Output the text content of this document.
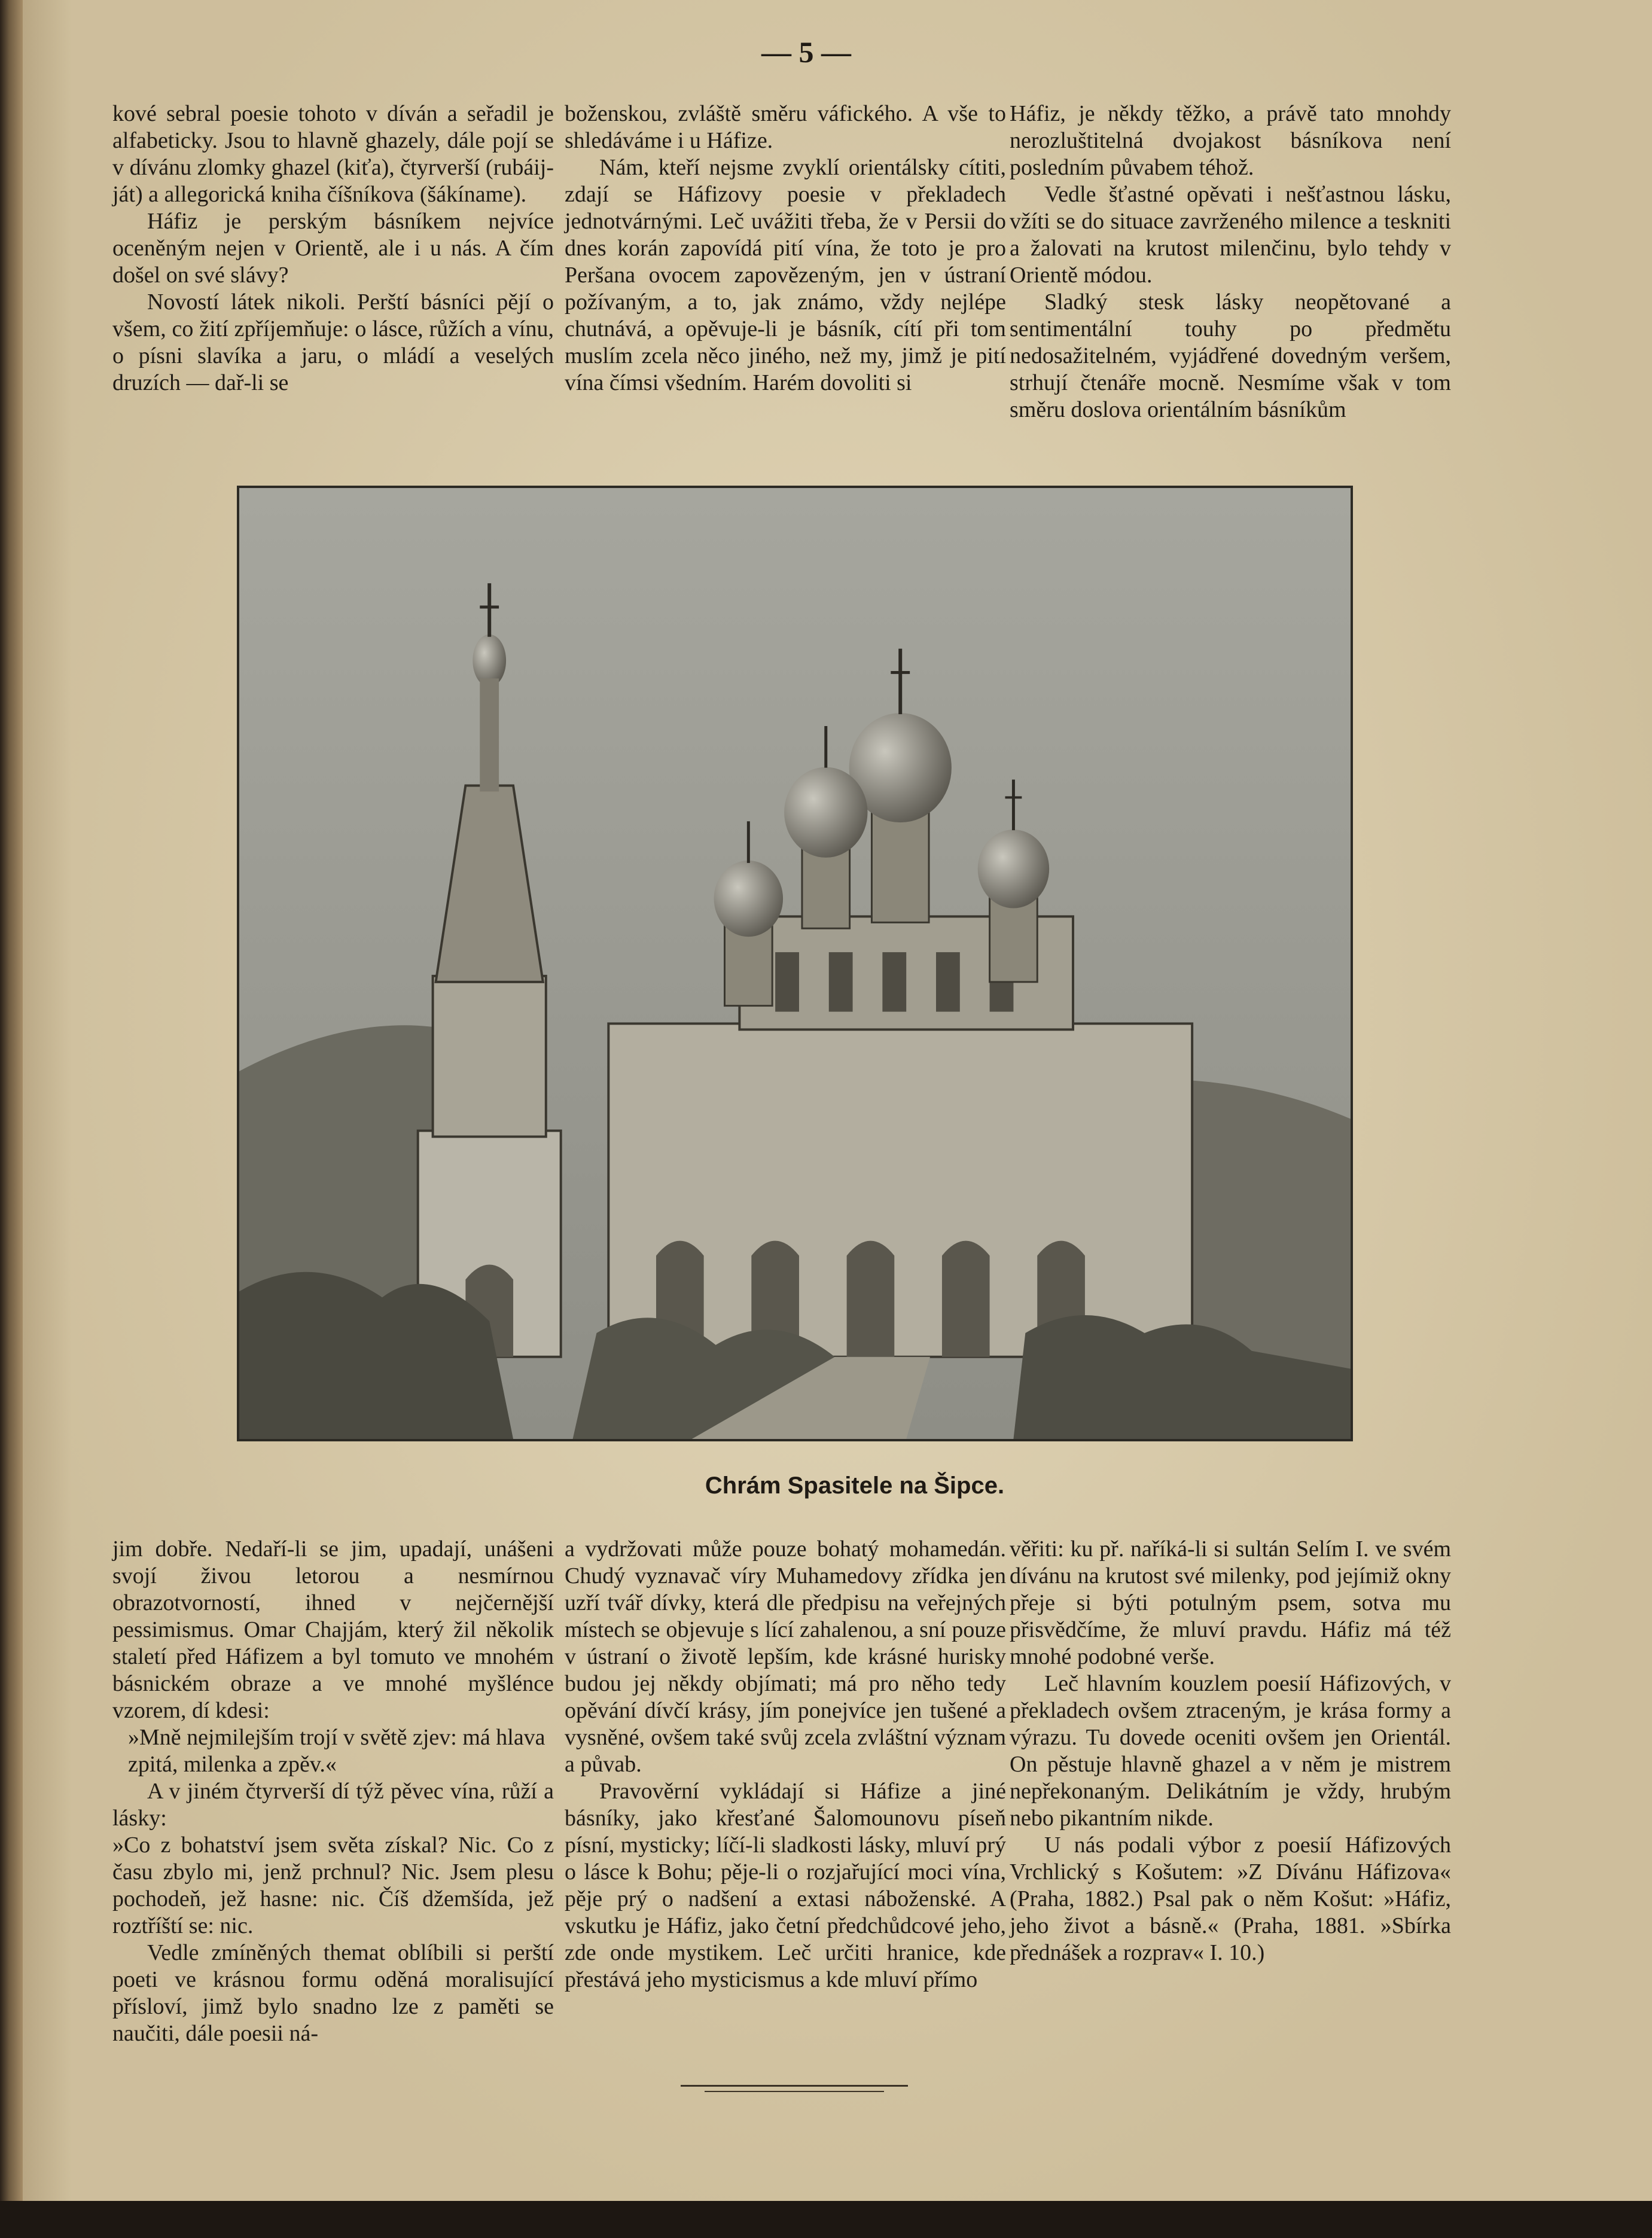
— 5 —

kové sebral poesie tohoto v díván a seřadil je alfabeticky. Jsou to hlavně ghazely, dále pojí se v dívánu zlomky ghazel (kiťa), čtyrverší (rubáij-ját) a allegorická kniha číšníkova (šákíname).

Háfiz je perským básníkem nejvíce oceněným nejen v Orientě, ale i u nás. A čím došel on své slávy?

Novostí látek nikoli. Perští básníci pějí o všem, co žití zpříjemňuje: o lásce, růžích a vínu, o písni slavíka a jaru, o mládí a veselých druzích — dař-li se

boženskou, zvláště směru váfického. A vše to shledáváme i u Háfize.

Nám, kteří nejsme zvyklí orientálsky cítiti, zdají se Háfizovy poesie v překladech jednotvárnými. Leč uvážiti třeba, že v Persii do dnes korán zapovídá pití vína, že toto je pro Peršana ovocem zapovězeným, jen v ústraní požívaným, a to, jak známo, vždy nejlépe chutnává, a opěvuje-li je básník, cítí při tom muslím zcela něco jiného, než my, jimž je pití vína čímsi všedním. Harém dovoliti si

Háfiz, je někdy těžko, a právě tato mnohdy nerozluštitelná dvojakost básníkova není posledním půvabem téhož.

Vedle šťastné opěvati i nešťastnou lásku, vžíti se do situace zavrženého milence a teskniti a žalovati na krutost milenčinu, bylo tehdy v Orientě módou.

Sladký stesk lásky neopětované a sentimentální touhy po předmětu nedosažitelném, vyjádřené dovedným veršem, strhují čtenáře mocně. Nesmíme však v tom směru doslova orientálním básníkům

Chrám Spasitele na Šipce.

jim dobře. Nedaří-li se jim, upadají, unášeni svojí živou letorou a nesmírnou obrazotvorností, ihned v nejčernější pessimismus. Omar Chajjám, který žil několik staletí před Háfizem a byl tomuto ve mnohém básnickém obraze a ve mnohé myšlénce vzorem, dí kdesi:

»Mně nejmilejším trojí v světě zjev: má hlava zpitá, milenka a zpěv.«

A v jiném čtyrverší dí týž pěvec vína, růží a lásky:

»Co z bohatství jsem světa získal? Nic. Co z času zbylo mi, jenž prchnul? Nic. Jsem plesu pochodeň, jež hasne: nic. Číš džemšída, jež roztříští se: nic.

Vedle zmíněných themat oblíbili si perští poeti ve krásnou formu oděná moralisující přísloví, jimž bylo snadno lze z paměti se naučiti, dále poesii ná-

a vydržovati může pouze bohatý mohamedán. Chudý vyznavač víry Muhamedovy zřídka jen uzří tvář dívky, která dle předpisu na veřejných místech se objevuje s lící zahalenou, a sní pouze v ústraní o životě lepším, kde krásné hurisky budou jej někdy objímati; má pro něho tedy opěvání dívčí krásy, jím ponejvíce jen tušené a vysněné, ovšem také svůj zcela zvláštní význam a půvab.

Pravověrní vykládají si Háfize a jiné básníky, jako křesťané Šalomounovu píseň písní, mysticky; líčí-li sladkosti lásky, mluví prý o lásce k Bohu; pěje-li o rozjařující moci vína, pěje prý o nadšení a extasi náboženské. A vskutku je Háfiz, jako četní předchůdcové jeho, zde onde mystikem. Leč určiti hranice, kde přestává jeho mysticismus a kde mluví přímo

věřiti: ku př. naříká-li si sultán Selím I. ve svém dívánu na krutost své milenky, pod jejímiž okny přeje si býti potulným psem, sotva mu přisvědčíme, že mluví pravdu. Háfiz má též mnohé podobné verše.

Leč hlavním kouzlem poesií Háfizových, v překladech ovšem ztraceným, je krása formy a výrazu. Tu dovede oceniti ovšem jen Orientál. On pěstuje hlavně ghazel a v něm je mistrem nepřekonaným. Delikátním je vždy, hrubým nebo pikantním nikde.

U nás podali výbor z poesií Háfizových Vrchlický s Košutem: »Z Dívánu Háfizova« (Praha, 1882.) Psal pak o něm Košut: »Háfiz, jeho život a básně.« (Praha, 1881. »Sbírka přednášek a rozprav« I. 10.)
